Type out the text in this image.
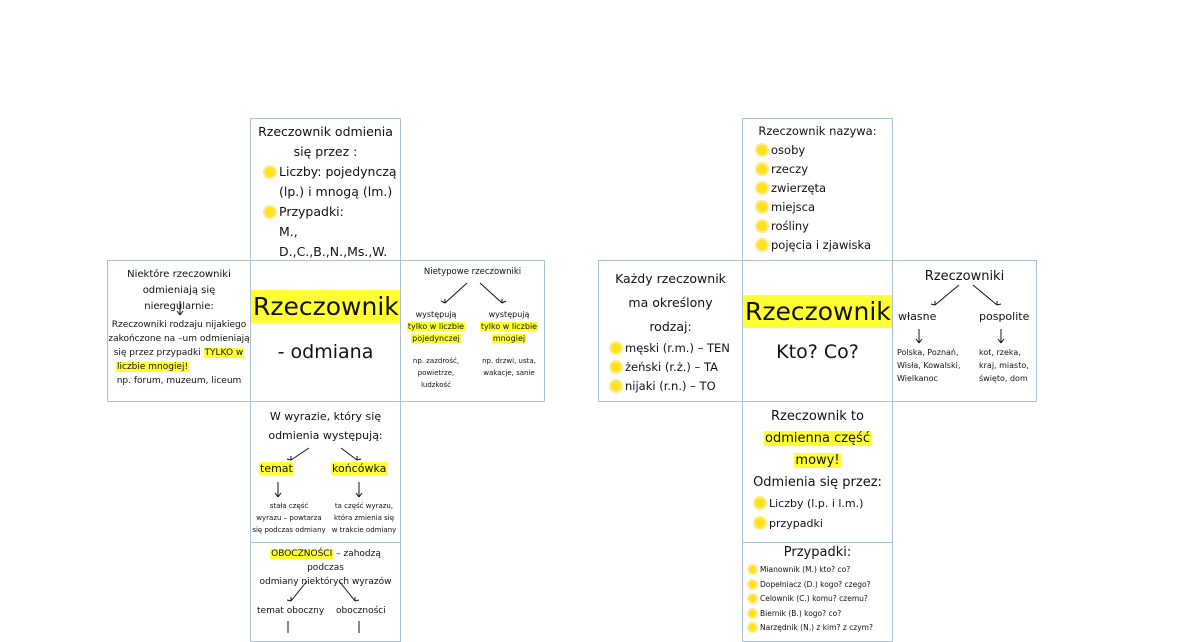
Rzeczownik odmienia
się przez :
Liczby: pojedynczą
(lp.) i mnogą (lm.)
Przypadki:
M., D.,C.,B.,N.,Ms.,W.
Niektóre rzeczowniki
odmieniają się nieregularnie:
Rzeczowniki rodzaju nijakiego
zakończone na –um odmieniają
się przez przypadki TYLKO w
liczbie mnogiej!
np. forum, muzeum, liceum
Rzeczownik
- odmiana
Nietypowe rzeczowniki
występują
tylko w liczbie
pojedynczej
np. zazdrość,
powietrze, ludzkość
występują
tylko w liczbie
mnogiej
np. drzwi, usta,
wakacje, sanie
W wyrazie, który się
odmienia występują:
temat	końcówka
stała część
wyrazu – powtarza
się podczas odmiany
ta część wyrazu,
która zmienia się
w trakcie odmiany
OBOCZNOŚCI – zahodzą podczas
odmiany niektórych wyrazów
temat oboczny oboczności
Rzeczownik nazywa:
osoby
rzeczy
zwierzęta
miejsca
rośliny
pojęcia i zjawiska
Każdy rzeczownik
ma określony
rodzaj:
męski (r.m.) – TEN
żeński (r.ż.) – TA
nijaki (r.n.) – TO
Rzeczownik
Kto? Co?
Rzeczowniki
własne	pospolite
Polska, Poznań,
Wisła, Kowalski,
Wielkanoc
kot, rzeka,
kraj, miasto,
święto, dom
Rzeczownik to
odmienna część
mowy!
Odmienia się przez:
Liczby (l.p. i l.m.)
przypadki
Przypadki:
Mianownik (M.) kto? co?
Dopełniacz (D.) kogo? czego?
Celownik (C.) komu? czemu?
Biernik (B.) kogo? co?
Narzędnik (N.) z kim? z czym?
